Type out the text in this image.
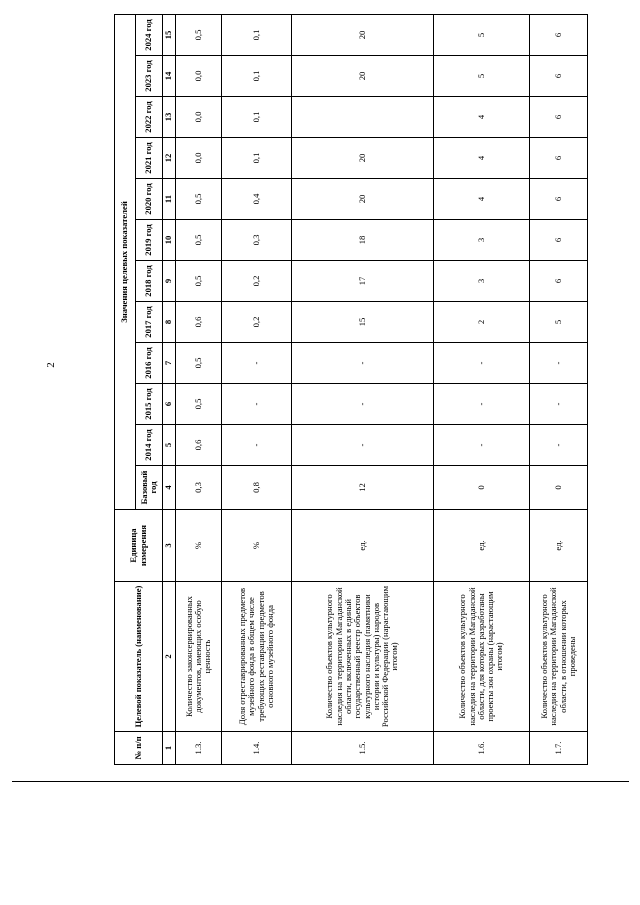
2
№ п/п	Целевой показатель (наименование)	Единица измерения	Значения целевых показателей											
			Базовый год	2014 год	2015 год	2016 год	2017 год	2018 год	2019 год	2020 год	2021 год	2022 год	2023 год	2024 год
1	2	3	4	5	6	7	8	9	10	11	12	13	14	15
1.3.	Количество законсервированных документов, имеющих особую ценность	%	0,3	0,6	0,5	0,5	0,6	0,5	0,5	0,5	0,0	0,0	0,0	0,5
1.4.	Доля отреставрированных предметов музейного фонда в общем числе требующих реставрации предметов основного музейного фонда	%	0,8	-	-	-	0,2	0,2	0,3	0,4	0,1	0,1	0,1	0,1
1.5.	Количество объектов культурного наследия на территории Магаданской области, включенных в единый государственный реестр объектов культурного наследия (памятники истории и культуры) народов Российской Федерации (нарастающим итогом)	ед.	12	-	-	-	15	17	18	20	20		20	20
1.6.	Количество объектов культурного наследия на территории Магаданской области, для которых разработаны проекты зон охраны (нарастающим итогом)	ед.	0	-	-	-	2	3	3	4	4	4	5	5
1.7.	Количество объектов культурного наследия на территории Магаданской области, в отношении которых проведены	ед.	0	-	-	-	5	6	6	6	6	6	6	6
